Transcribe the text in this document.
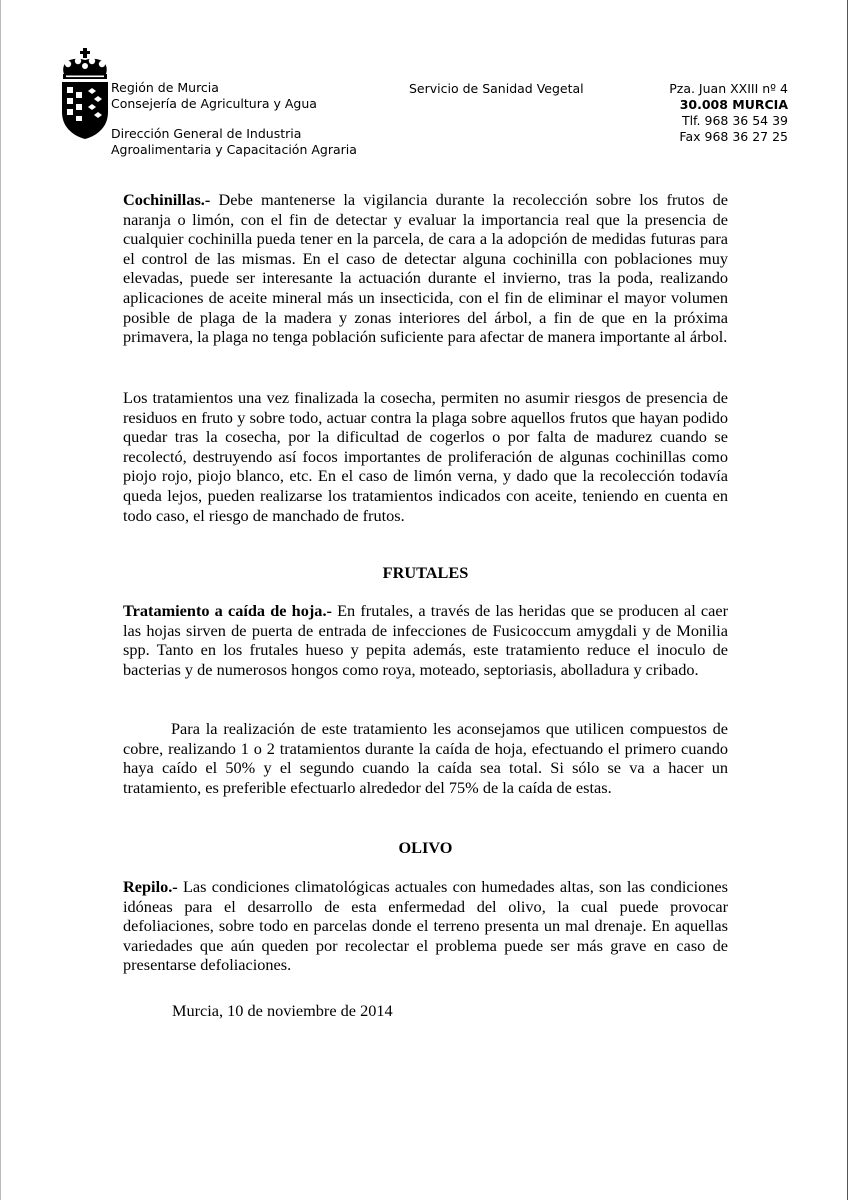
Región de Murcia
Consejería de Agricultura y Agua
Dirección General de Industria
Agroalimentaria y Capacitación Agraria
Servicio de Sanidad Vegetal	Pza. Juan XXIII nº 4
30.008 MURCIA
Tlf. 968 36 54 39
Fax 968 36 27 25

Cochinillas.- Debe mantenerse la vigilancia durante la recolección sobre los frutos de naranja o limón, con el fin de detectar y evaluar la importancia real que la presencia de cualquier cochinilla pueda tener en la parcela, de cara a la adopción de medidas futuras para el control de las mismas. En el caso de detectar alguna cochinilla con poblaciones muy elevadas, puede ser interesante la actuación durante el invierno, tras la poda, realizando aplicaciones de aceite mineral más un insecticida, con el fin de eliminar el mayor volumen posible de plaga de la madera y zonas interiores del árbol, a fin de que en la próxima primavera, la plaga no tenga población suficiente para afectar de manera importante al árbol.

Los tratamientos una vez finalizada la cosecha, permiten no asumir riesgos de presencia de residuos en fruto y sobre todo, actuar contra la plaga sobre aquellos frutos que hayan podido quedar tras la cosecha, por la dificultad de cogerlos o por falta de madurez cuando se recolectó, destruyendo así focos importantes de proliferación de algunas cochinillas como piojo rojo, piojo blanco, etc. En el caso de limón verna, y dado que la recolección todavía queda lejos, pueden realizarse los tratamientos indicados con aceite, teniendo en cuenta en todo caso, el riesgo de manchado de frutos.

FRUTALES

Tratamiento a caída de hoja.- En frutales, a través de las heridas que se producen al caer las hojas sirven de puerta de entrada de infecciones de Fusicoccum amygdali y de Monilia spp. Tanto en los frutales hueso y pepita además, este tratamiento reduce el inoculo de bacterias y de numerosos hongos como roya, moteado, septoriasis, abolladura y cribado.

Para la realización de este tratamiento les aconsejamos que utilicen compuestos de cobre, realizando 1 o 2 tratamientos durante la caída de hoja, efectuando el primero cuando haya caído el 50% y el segundo cuando la caída sea total. Si sólo se va a hacer un tratamiento, es preferible efectuarlo alrededor del 75% de la caída de estas.

OLIVO

Repilo.- Las condiciones climatológicas actuales con humedades altas, son las condiciones idóneas para el desarrollo de esta enfermedad del olivo, la cual puede provocar defoliaciones, sobre todo en parcelas donde el terreno presenta un mal drenaje. En aquellas variedades que aún queden por recolectar el problema puede ser más grave en caso de presentarse defoliaciones.

Murcia, 10 de noviembre de 2014
